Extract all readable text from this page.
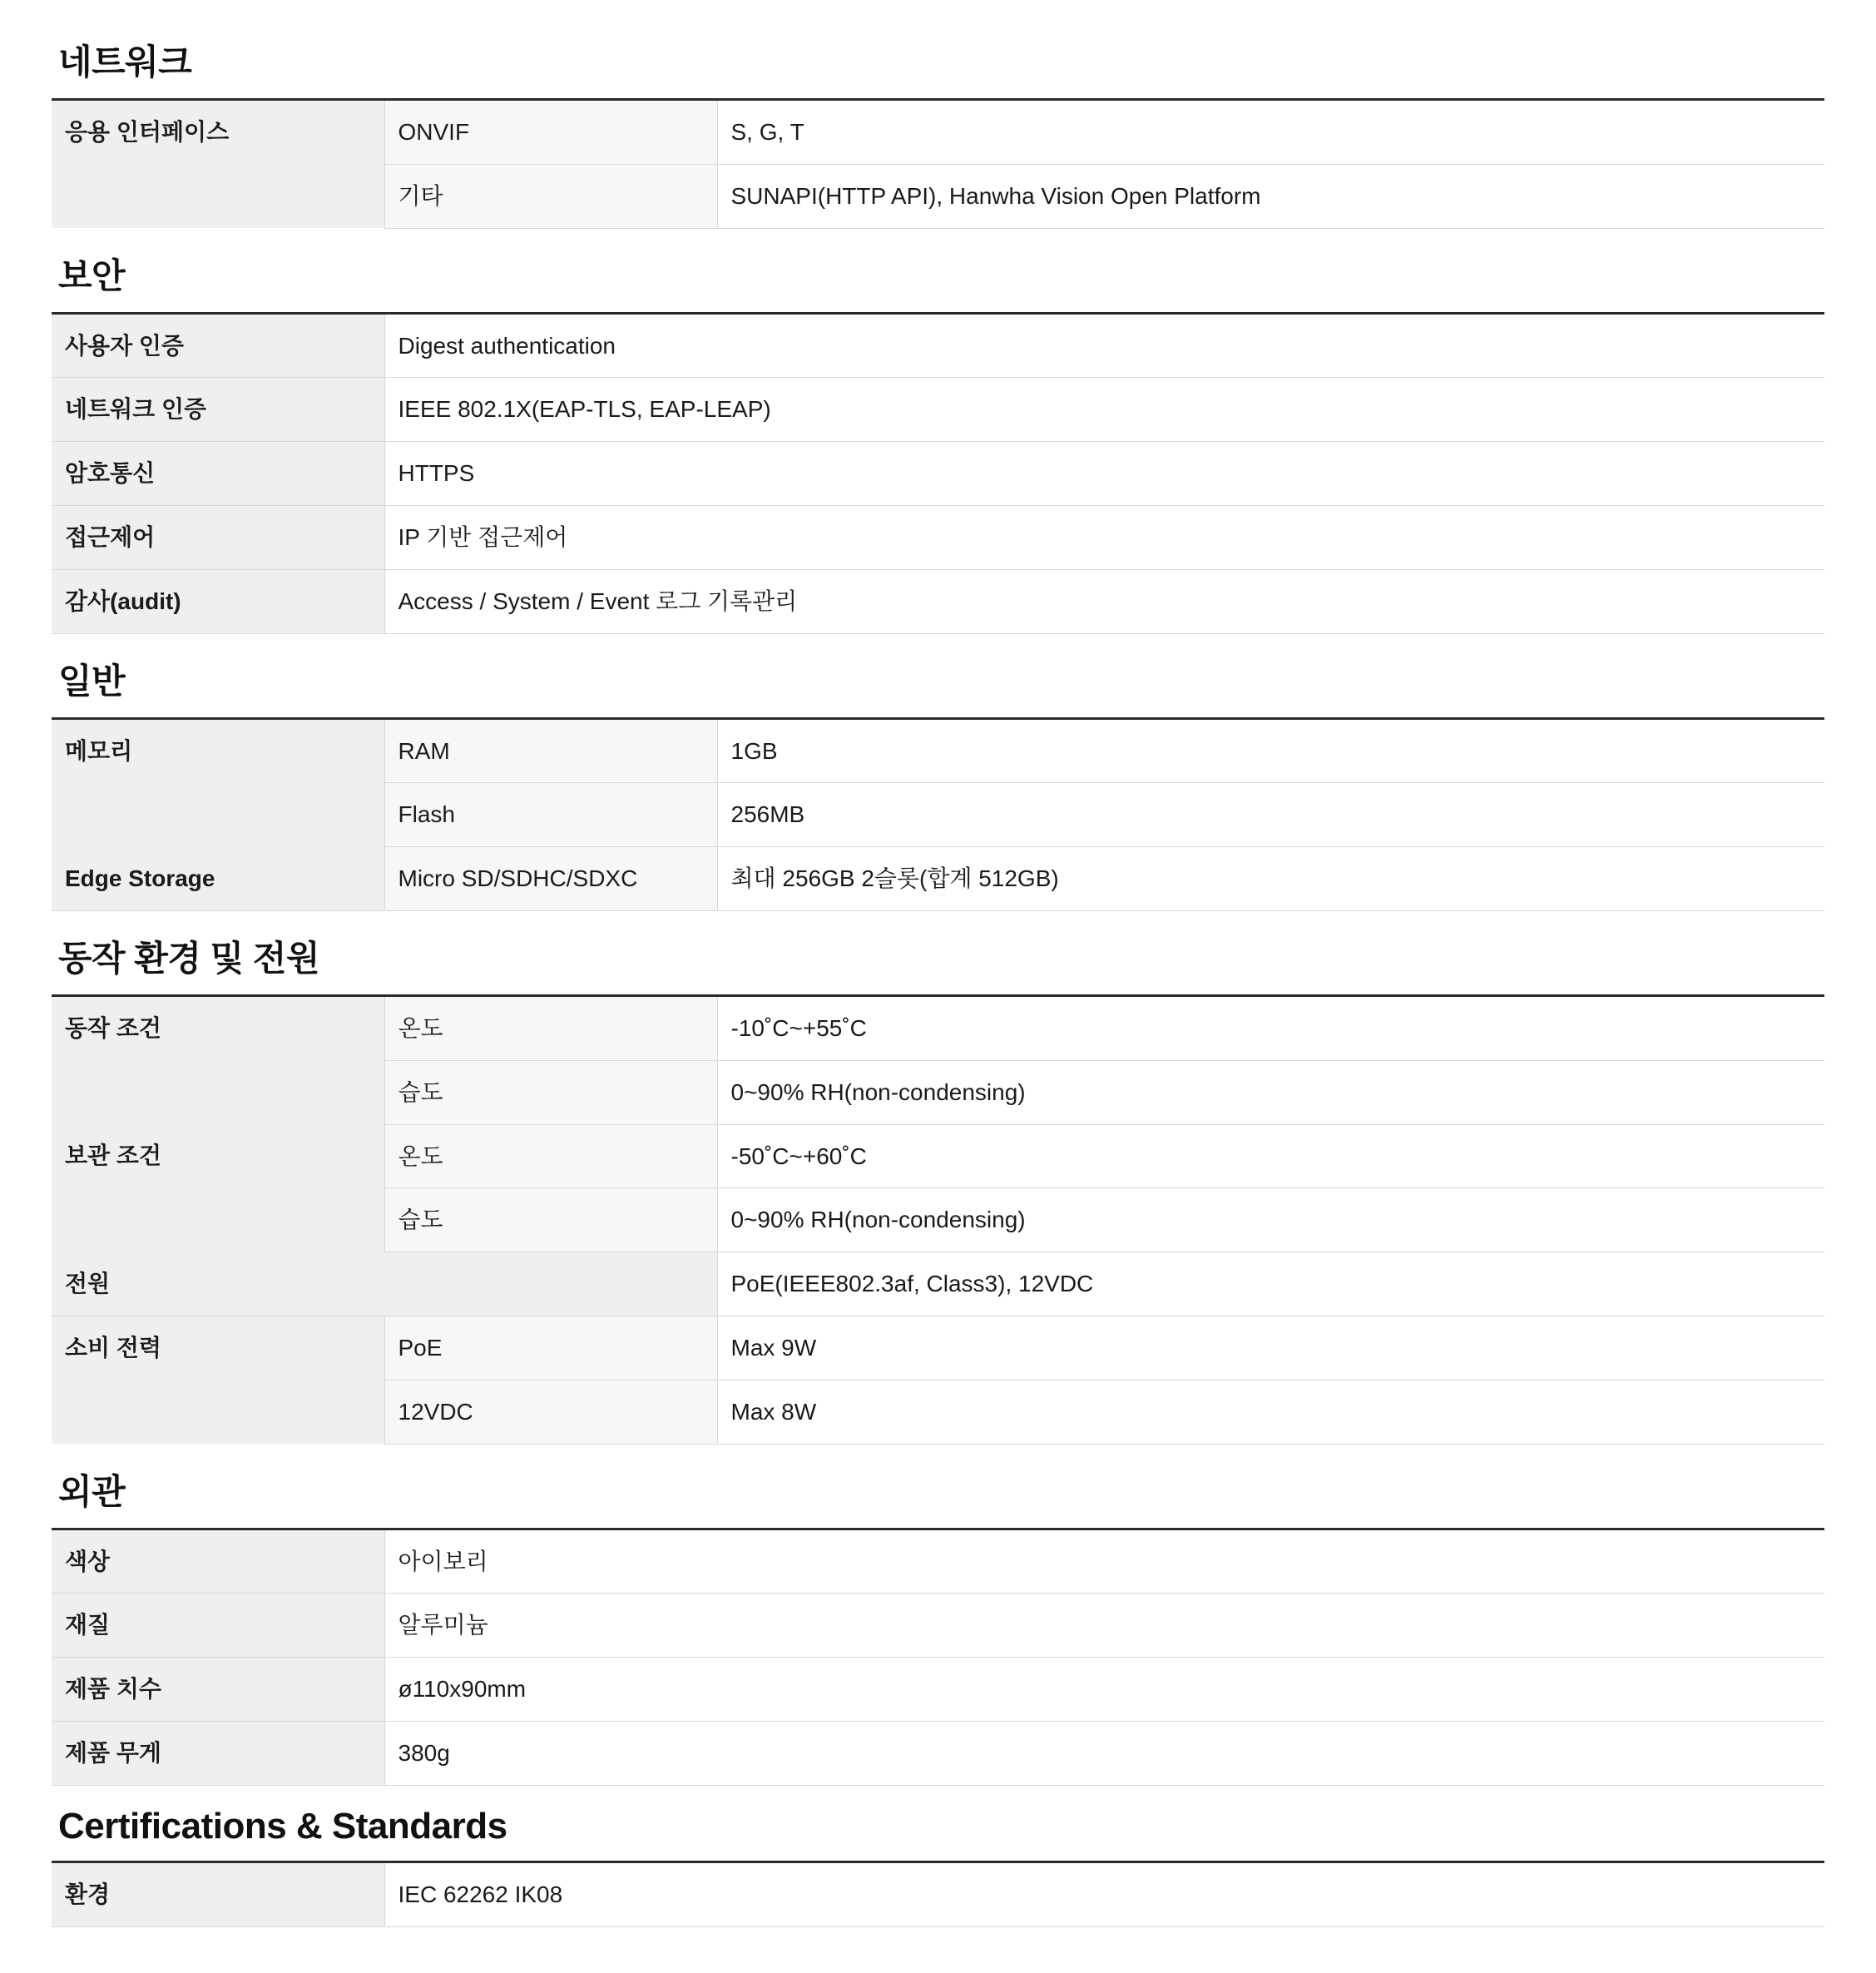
네트워크
응용 인터페이스	ONVIF	S, G, T
	기타	SUNAPI(HTTP API), Hanwha Vision Open Platform
보안
사용자 인증	Digest authentication
네트워크 인증	IEEE 802.1X(EAP-TLS, EAP-LEAP)
암호통신	HTTPS
접근제어	IP 기반 접근제어
감사(audit)	Access / System / Event 로그 기록관리
일반
메모리	RAM	1GB
	Flash	256MB
Edge Storage	Micro SD/SDHC/SDXC	최대 256GB 2슬롯(합계 512GB)
동작 환경 및 전원
동작 조건	온도	-10˚C~+55˚C
	습도	0~90% RH(non-condensing)
보관 조건	온도	-50˚C~+60˚C
	습도	0~90% RH(non-condensing)
전원		PoE(IEEE802.3af, Class3), 12VDC
소비 전력	PoE	Max 9W
	12VDC	Max 8W
외관
색상	아이보리
재질	알루미늄
제품 치수	ø110x90mm
제품 무게	380g
Certifications & Standards
환경	IEC 62262 IK08
